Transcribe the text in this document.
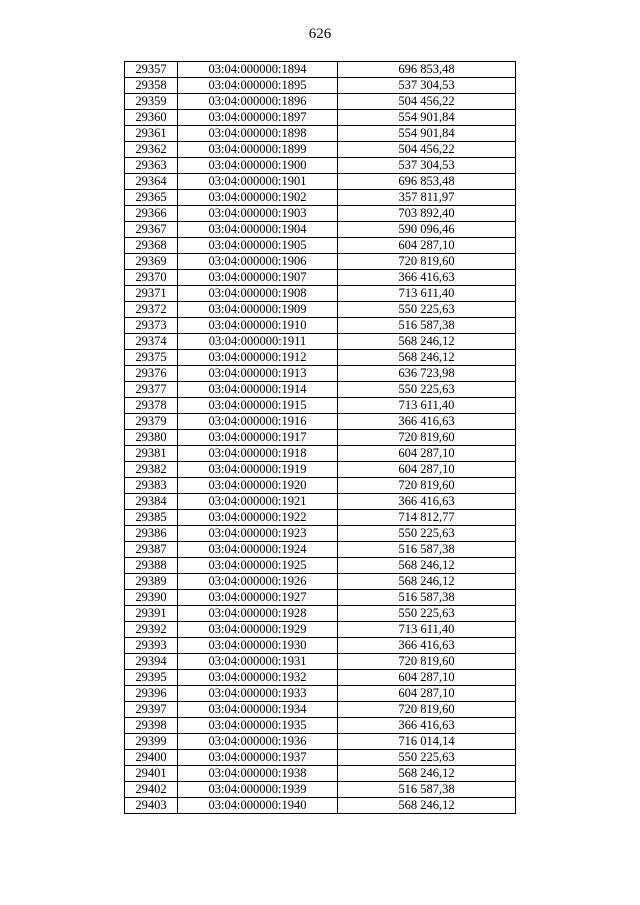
626
29357	03:04:000000:1894	696 853,48
29358	03:04:000000:1895	537 304,53
29359	03:04:000000:1896	504 456,22
29360	03:04:000000:1897	554 901,84
29361	03:04:000000:1898	554 901,84
29362	03:04:000000:1899	504 456,22
29363	03:04:000000:1900	537 304,53
29364	03:04:000000:1901	696 853,48
29365	03:04:000000:1902	357 811,97
29366	03:04:000000:1903	703 892,40
29367	03:04:000000:1904	590 096,46
29368	03:04:000000:1905	604 287,10
29369	03:04:000000:1906	720 819,60
29370	03:04:000000:1907	366 416,63
29371	03:04:000000:1908	713 611,40
29372	03:04:000000:1909	550 225,63
29373	03:04:000000:1910	516 587,38
29374	03:04:000000:1911	568 246,12
29375	03:04:000000:1912	568 246,12
29376	03:04:000000:1913	636 723,98
29377	03:04:000000:1914	550 225,63
29378	03:04:000000:1915	713 611,40
29379	03:04:000000:1916	366 416,63
29380	03:04:000000:1917	720 819,60
29381	03:04:000000:1918	604 287,10
29382	03:04:000000:1919	604 287,10
29383	03:04:000000:1920	720 819,60
29384	03:04:000000:1921	366 416,63
29385	03:04:000000:1922	714 812,77
29386	03:04:000000:1923	550 225,63
29387	03:04:000000:1924	516 587,38
29388	03:04:000000:1925	568 246,12
29389	03:04:000000:1926	568 246,12
29390	03:04:000000:1927	516 587,38
29391	03:04:000000:1928	550 225,63
29392	03:04:000000:1929	713 611,40
29393	03:04:000000:1930	366 416,63
29394	03:04:000000:1931	720 819,60
29395	03:04:000000:1932	604 287,10
29396	03:04:000000:1933	604 287,10
29397	03:04:000000:1934	720 819,60
29398	03:04:000000:1935	366 416,63
29399	03:04:000000:1936	716 014,14
29400	03:04:000000:1937	550 225,63
29401	03:04:000000:1938	568 246,12
29402	03:04:000000:1939	516 587,38
29403	03:04:000000:1940	568 246,12
